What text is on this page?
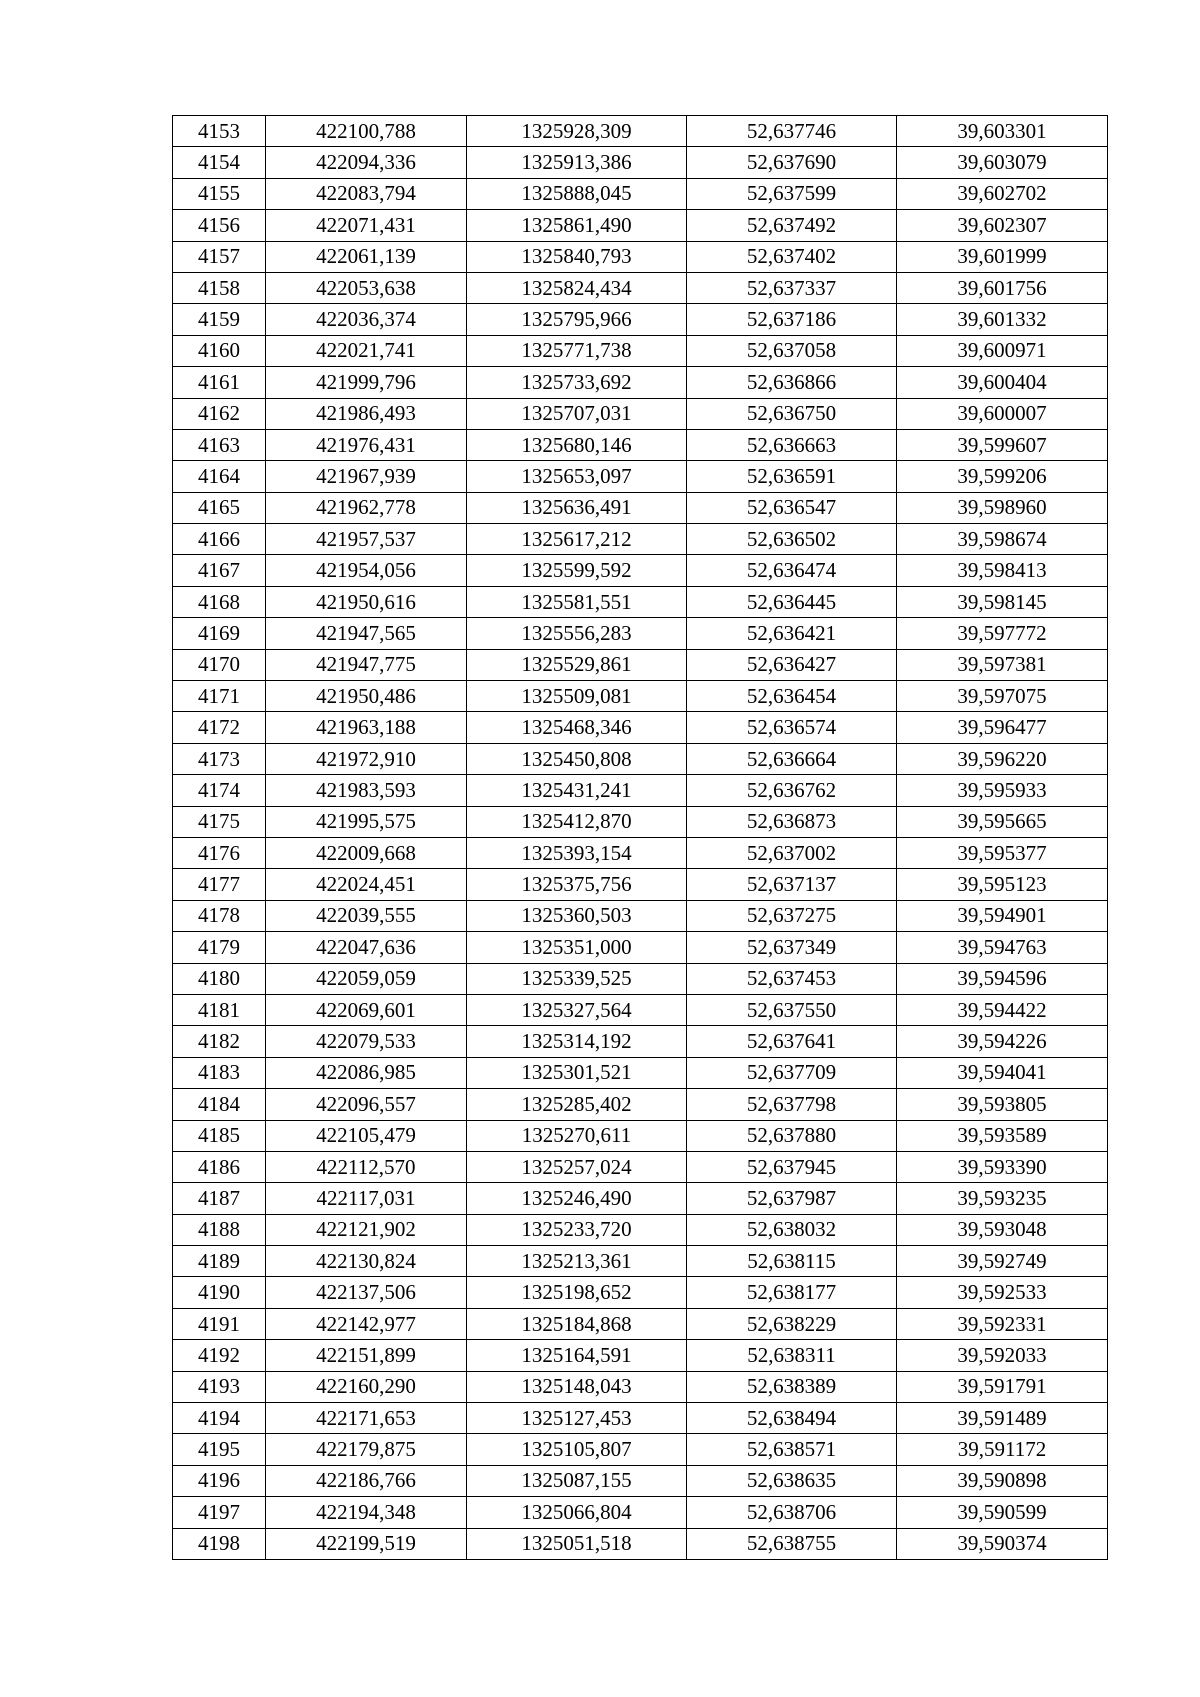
4153	422100,788	1325928,309	52,637746	39,603301
4154	422094,336	1325913,386	52,637690	39,603079
4155	422083,794	1325888,045	52,637599	39,602702
4156	422071,431	1325861,490	52,637492	39,602307
4157	422061,139	1325840,793	52,637402	39,601999
4158	422053,638	1325824,434	52,637337	39,601756
4159	422036,374	1325795,966	52,637186	39,601332
4160	422021,741	1325771,738	52,637058	39,600971
4161	421999,796	1325733,692	52,636866	39,600404
4162	421986,493	1325707,031	52,636750	39,600007
4163	421976,431	1325680,146	52,636663	39,599607
4164	421967,939	1325653,097	52,636591	39,599206
4165	421962,778	1325636,491	52,636547	39,598960
4166	421957,537	1325617,212	52,636502	39,598674
4167	421954,056	1325599,592	52,636474	39,598413
4168	421950,616	1325581,551	52,636445	39,598145
4169	421947,565	1325556,283	52,636421	39,597772
4170	421947,775	1325529,861	52,636427	39,597381
4171	421950,486	1325509,081	52,636454	39,597075
4172	421963,188	1325468,346	52,636574	39,596477
4173	421972,910	1325450,808	52,636664	39,596220
4174	421983,593	1325431,241	52,636762	39,595933
4175	421995,575	1325412,870	52,636873	39,595665
4176	422009,668	1325393,154	52,637002	39,595377
4177	422024,451	1325375,756	52,637137	39,595123
4178	422039,555	1325360,503	52,637275	39,594901
4179	422047,636	1325351,000	52,637349	39,594763
4180	422059,059	1325339,525	52,637453	39,594596
4181	422069,601	1325327,564	52,637550	39,594422
4182	422079,533	1325314,192	52,637641	39,594226
4183	422086,985	1325301,521	52,637709	39,594041
4184	422096,557	1325285,402	52,637798	39,593805
4185	422105,479	1325270,611	52,637880	39,593589
4186	422112,570	1325257,024	52,637945	39,593390
4187	422117,031	1325246,490	52,637987	39,593235
4188	422121,902	1325233,720	52,638032	39,593048
4189	422130,824	1325213,361	52,638115	39,592749
4190	422137,506	1325198,652	52,638177	39,592533
4191	422142,977	1325184,868	52,638229	39,592331
4192	422151,899	1325164,591	52,638311	39,592033
4193	422160,290	1325148,043	52,638389	39,591791
4194	422171,653	1325127,453	52,638494	39,591489
4195	422179,875	1325105,807	52,638571	39,591172
4196	422186,766	1325087,155	52,638635	39,590898
4197	422194,348	1325066,804	52,638706	39,590599
4198	422199,519	1325051,518	52,638755	39,590374
